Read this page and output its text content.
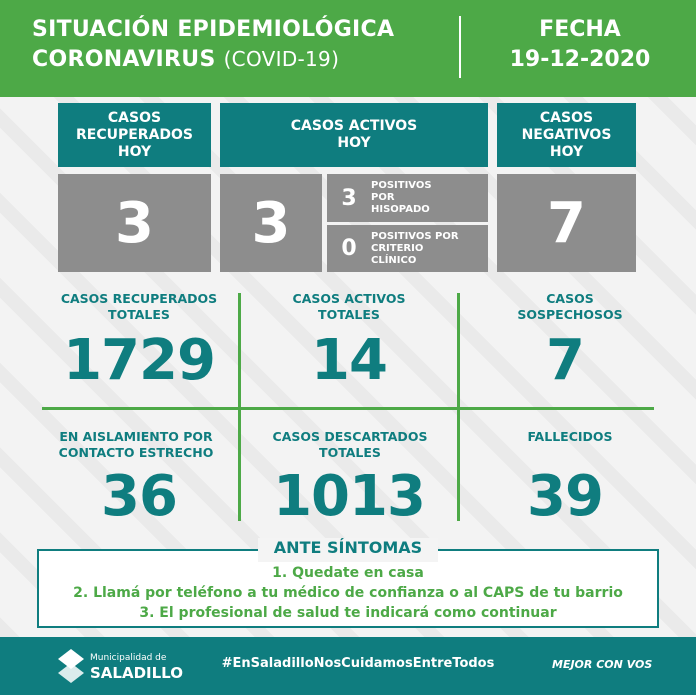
SITUACIÓN EPIDEMIOLÓGICA
CORONAVIRUS (COVID-19)
FECHA
19-12-2020
CASOS RECUPERADOS HOY
CASOS ACTIVOS HOY
CASOS NEGATIVOS HOY
3 3	3	POSITIVOS POR HISOPADO
0	POSITIVOS POR CRITERIO CLÍNICO
7
CASOS RECUPERADOS TOTALES
1729
CASOS ACTIVOS TOTALES
14
CASOS SOSPECHOSOS
7
EN AISLAMIENTO POR CONTACTO ESTRECHO
36
CASOS DESCARTADOS TOTALES
1013
FALLECIDOS
39
ANTE SÍNTOMAS
1. Quedate en casa
2. Llamá por teléfono a tu médico de confianza o al CAPS de tu barrio
3. El profesional de salud te indicará como continuar
Municipalidad de
SALADILLO
#EnSaladilloNosCuidamosEntreTodos	MEJOR CON VOS
